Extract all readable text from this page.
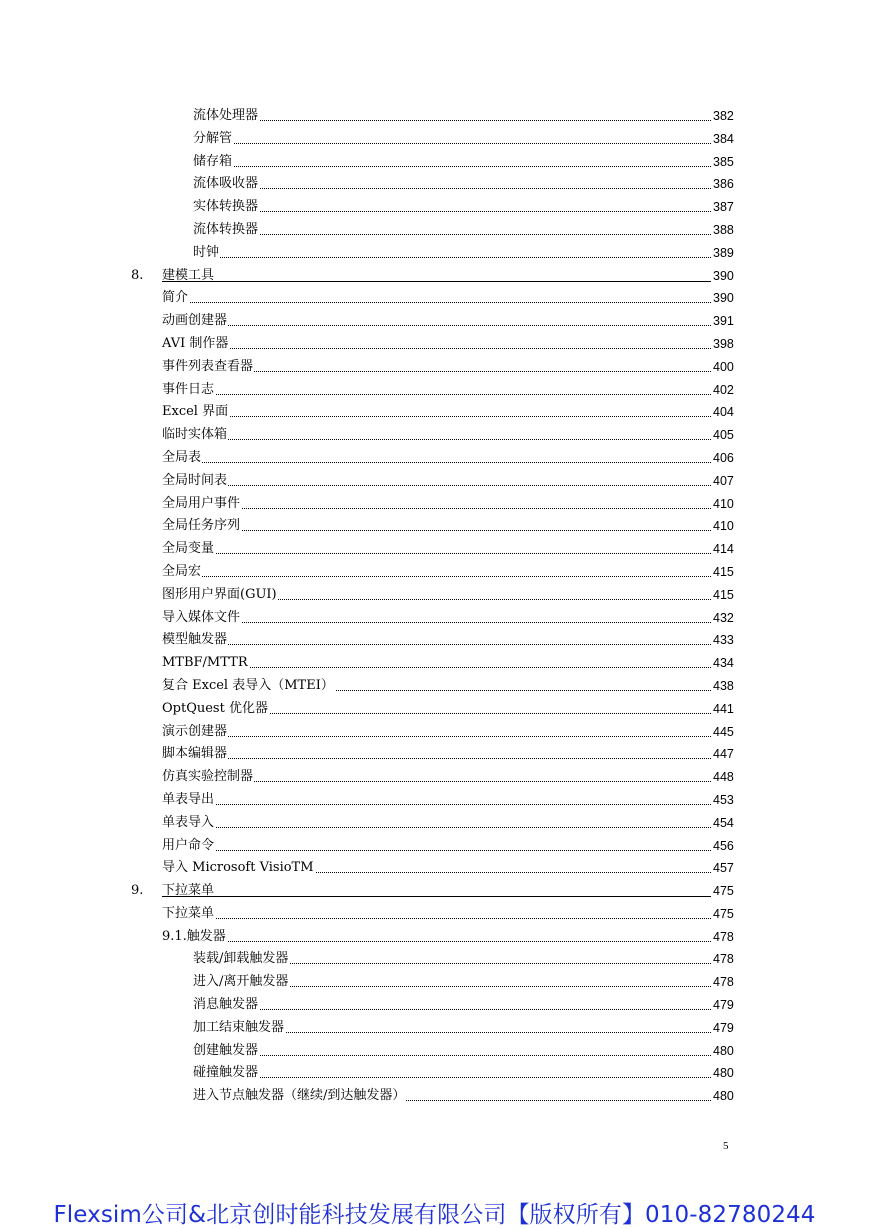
流体处理器	382
分解管	384
储存箱	385
流体吸收器	386
实体转换器	387
流体转换器	388
时钟	389
8. 建模工具	390
简介	390
动画创建器	391
AVI 制作器	398
事件列表查看器	400
事件日志	402
Excel 界面	404
临时实体箱	405
全局表	406
全局时间表	407
全局用户事件	410
全局任务序列	410
全局变量	414
全局宏	415
图形用户界面(GUI)	415
导入媒体文件	432
模型触发器	433
MTBF/MTTR	434
复合 Excel 表导入（MTEI）	438
OptQuest 优化器	441
演示创建器	445
脚本编辑器	447
仿真实验控制器	448
单表导出	453
单表导入	454
用户命令	456
导入 Microsoft VisioTM	457
9. 下拉菜单	475
下拉菜单	475
9.1.触发器	478
装载/卸载触发器	478
进入/离开触发器	478
消息触发器	479
加工结束触发器	479
创建触发器	480
碰撞触发器	480
进入节点触发器（继续/到达触发器）	480
5
Flexsim公司&北京创时能科技发展有限公司【版权所有】010-82780244
